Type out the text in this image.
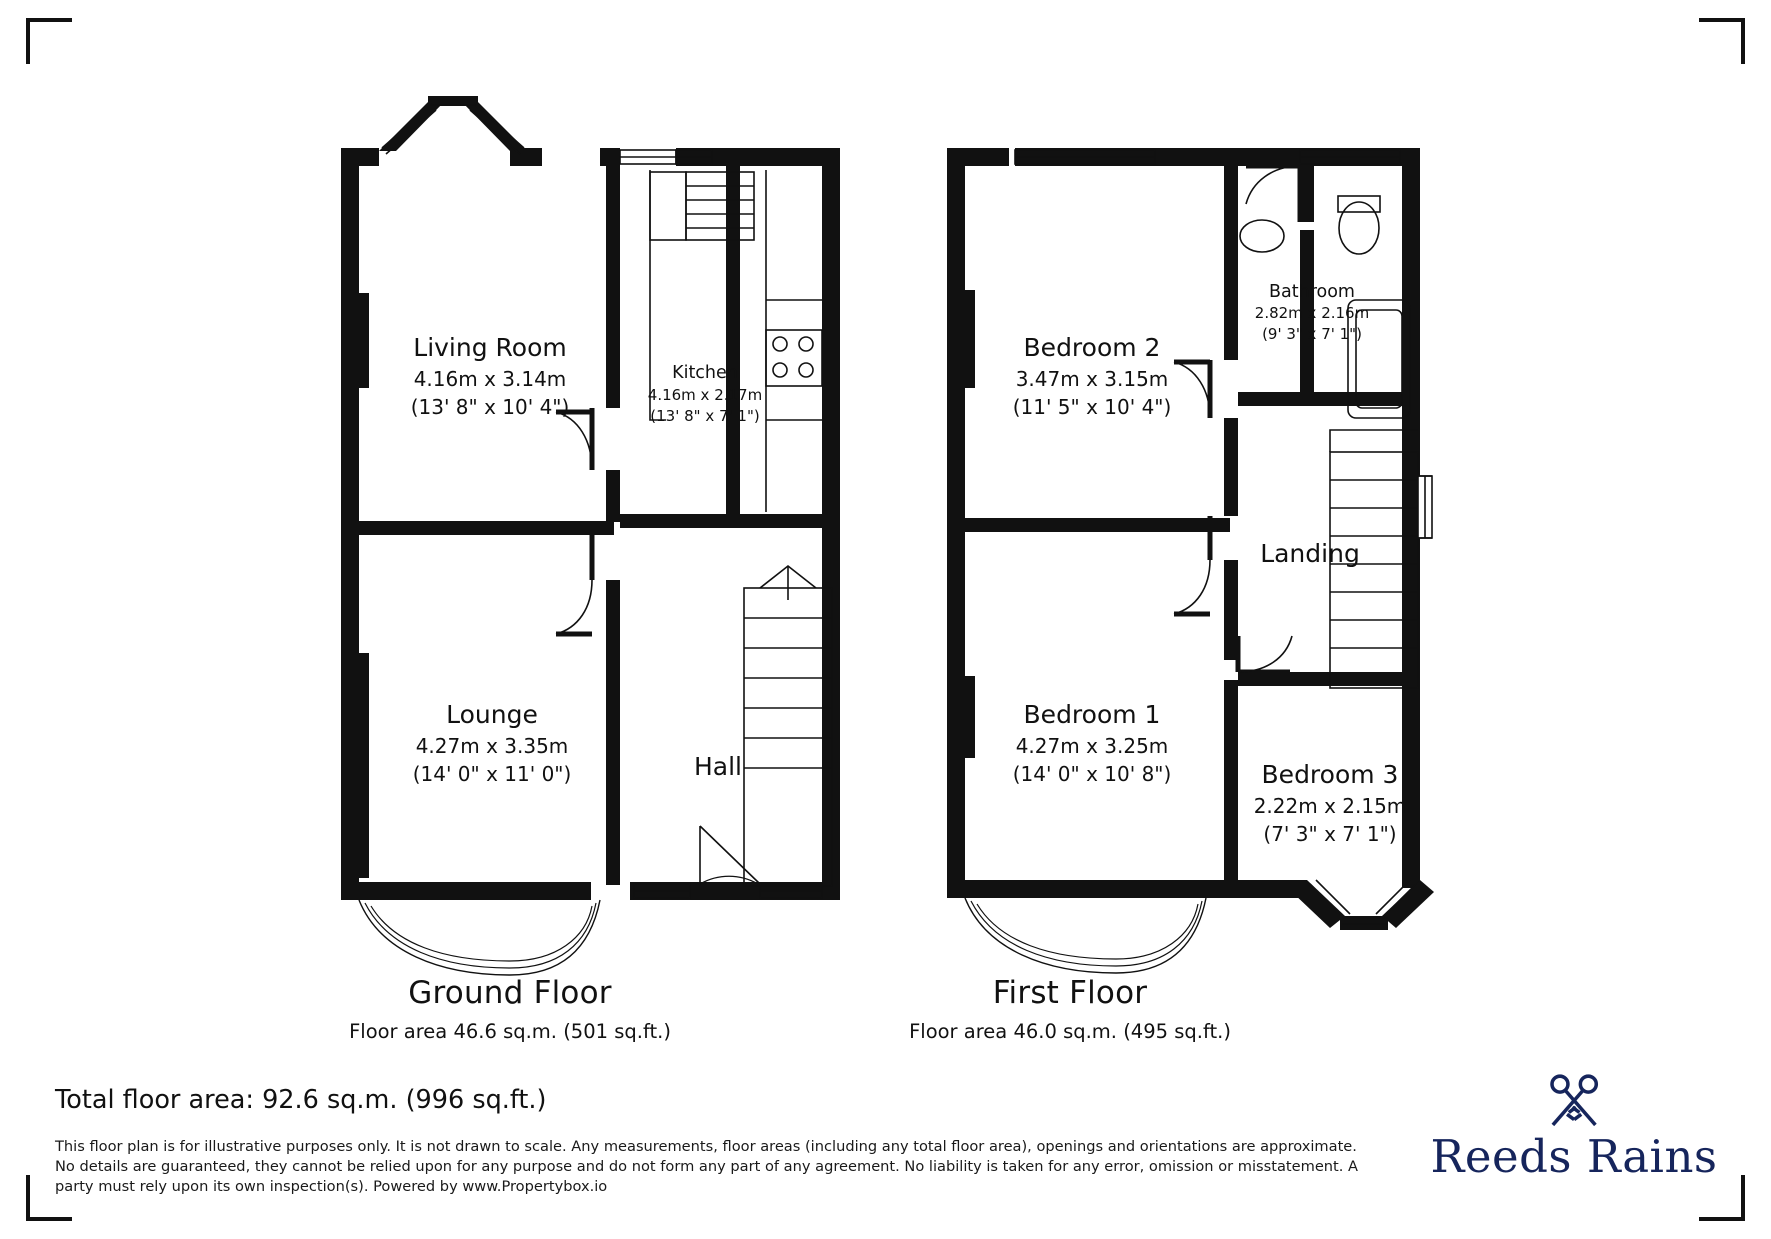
Living Room
4.16m x 3.14m
(13' 8" x 10' 4")
Kitchen
4.16m x 2.17m
(13' 8" x 7' 1")
Lounge
4.27m x 3.35m
(14' 0" x 11' 0")	Hall
Bedroom 2
3.47m x 3.15m
(11' 5" x 10' 4")
Bathroom
2.82m x 2.16m
(9' 3" x 7' 1")
Landing
Bedroom 1
4.27m x 3.25m
(14' 0" x 10' 8")	Bedroom 3
2.22m x 2.15m
(7' 3" x 7' 1")
Ground Floor
Floor area 46.6 sq.m. (501 sq.ft.)
First Floor
Floor area 46.0 sq.m. (495 sq.ft.)
Total floor area: 92.6 sq.m. (996 sq.ft.)
This floor plan is for illustrative purposes only. It is not drawn to scale. Any measurements, floor areas (including any total floor area), openings and orientations are approximate. No details are guaranteed, they cannot be relied upon for any purpose and do not form any part of any agreement. No liability is taken for any error, omission or misstatement. A party must rely upon its own inspection(s). Powered by www.Propertybox.io
Reeds Rains
